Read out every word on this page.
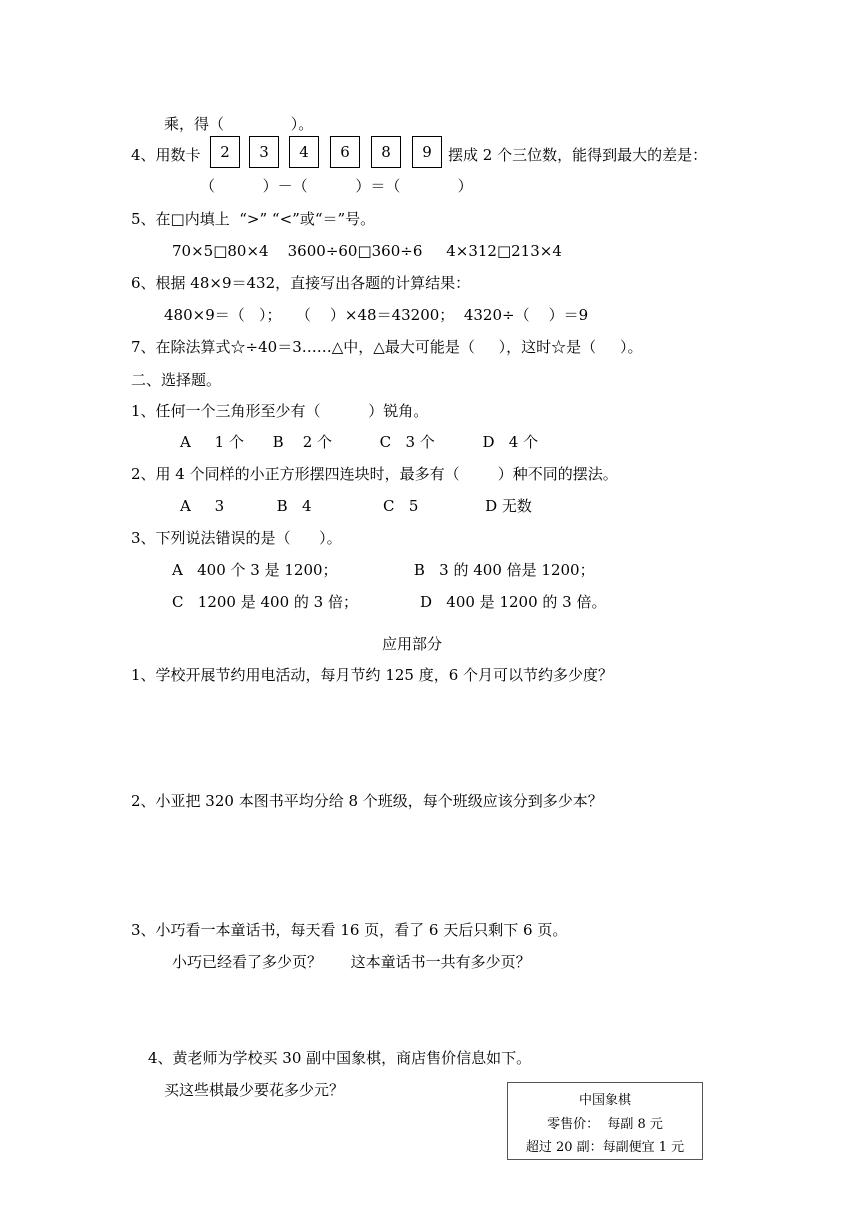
乘，得（              ）。
4、用数卡	2	3	4	6	8	9	摆成 2 个三位数，能得到最大的差是：
（          ）－（          ）＝（            ）
5、在□内填上  “>” “<”或“＝”号。
70×5□80×4    3600÷60□360÷6     4×312□213×4
6、根据 48×9＝432，直接写出各题的计算结果：
480×9＝（   ）；   （    ）×48＝43200；  4320÷（    ）＝9
7、在除法算式☆÷40＝3……△中，△最大可能是（     ），这时☆是（     ）。
二、选择题。
1、任何一个三角形至少有（          ）锐角。
A     1 个      B    2 个          C   3 个          D   4 个
2、用 4 个同样的小正方形摆四连块时，最多有（        ）种不同的摆法。
A     3           B   4               C   5              D 无数
3、下列说法错误的是（      ）。
A   400 个 3 是 1200；                B   3 的 400 倍是 1200；
C   1200 是 400 的 3 倍；             D   400 是 1200 的 3 倍。
应用部分
1、学校开展节约用电活动，每月节约 125 度，6 个月可以节约多少度？
2、小亚把 320 本图书平均分给 8 个班级，每个班级应该分到多少本？
3、小巧看一本童话书，每天看 16 页，看了 6 天后只剩下 6 页。
小巧已经看了多少页？      这本童话书一共有多少页？
4、黄老师为学校买 30 副中国象棋，商店售价信息如下。
买这些棋最少要花多少元？
中国象棋
零售价：  每副 8 元
超过 20 副：每副便宜 1 元
